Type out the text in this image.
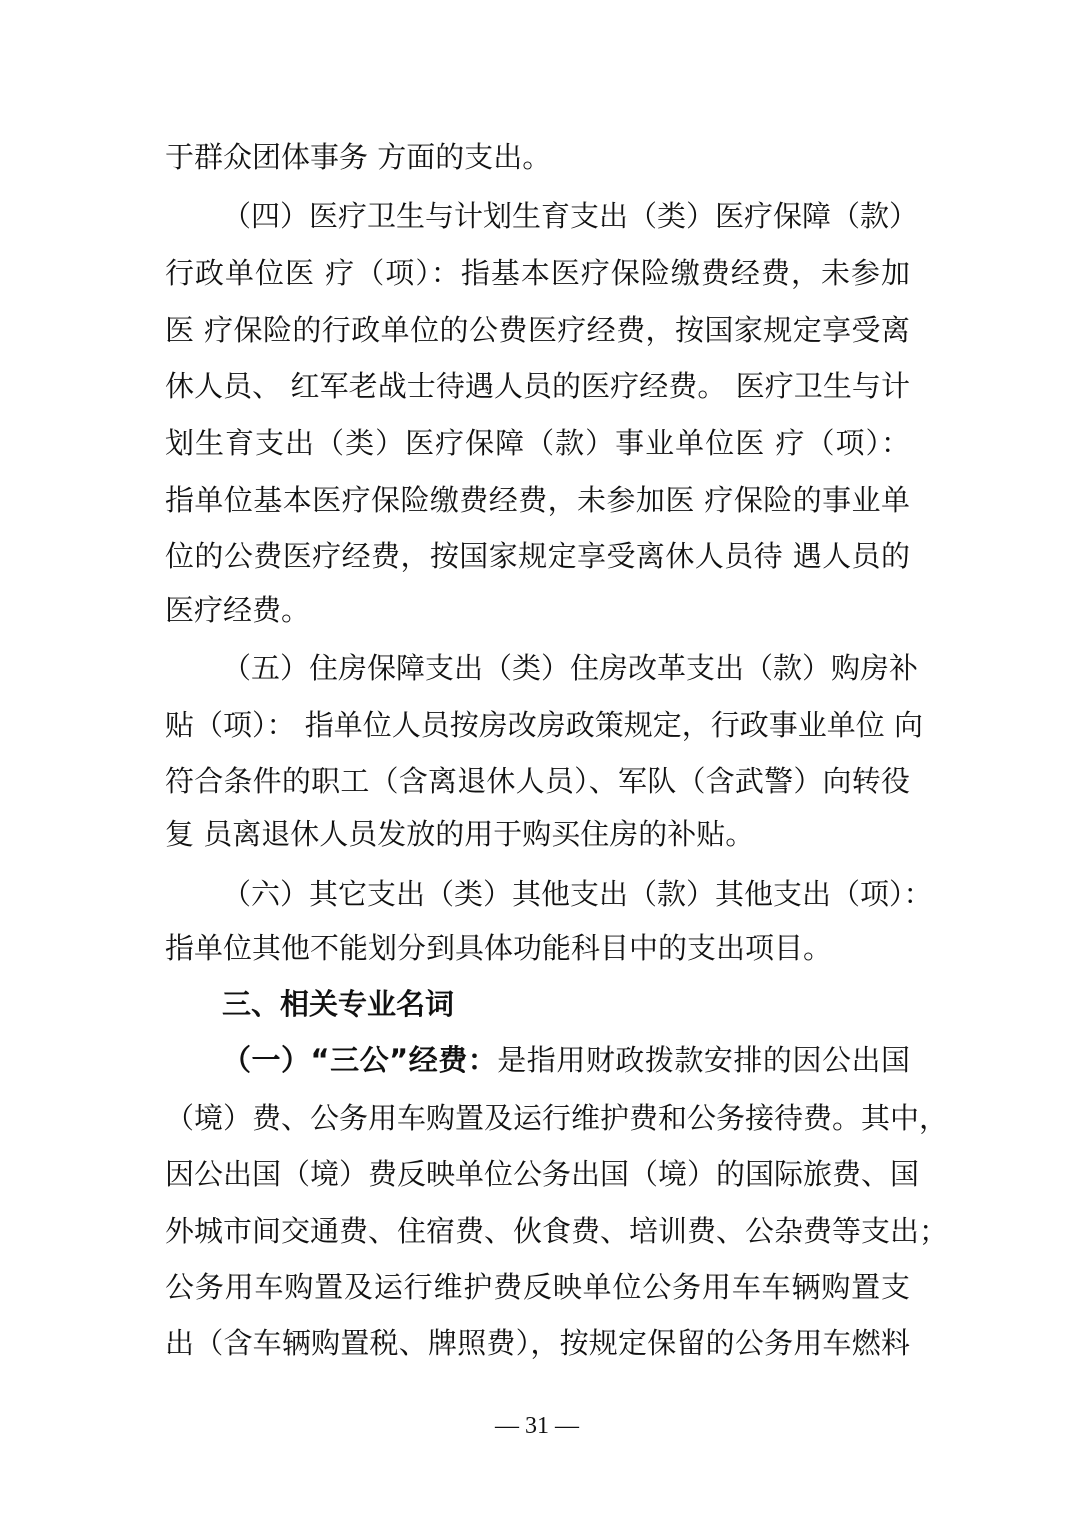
于群众团体事务 方面的支出。
（四）医疗卫生与计划生育支出（类）医疗保障（款）
行政单位医 疗（项）：指基本医疗保险缴费经费，未参加
医 疗保险的行政单位的公费医疗经费，按国家规定享受离
休人员、 红军老战士待遇人员的医疗经费。 医疗卫生与计
划生育支出（类）医疗保障（款）事业单位医 疗（项）：
指单位基本医疗保险缴费经费，未参加医 疗保险的事业单
位的公费医疗经费，按国家规定享受离休人员待 遇人员的
医疗经费。
（五）住房保障支出（类）住房改革支出（款）购房补
贴（项）： 指单位人员按房改房政策规定，行政事业单位 向
符合条件的职工（含离退休人员）、军队（含武警）向转役
复 员离退休人员发放的用于购买住房的补贴。
（六）其它支出（类）其他支出（款）其他支出（项）：
指单位其他不能划分到具体功能科目中的支出项目。
三、相关专业名词
（一）“三公”经费：是指用财政拨款安排的因公出国
（境）费、公务用车购置及运行维护费和公务接待费。其中，
因公出国（境）费反映单位公务出国（境）的国际旅费、国
外城市间交通费、住宿费、伙食费、培训费、公杂费等支出；
公务用车购置及运行维护费反映单位公务用车车辆购置支
出（含车辆购置税、牌照费），按规定保留的公务用车燃料
— 31 —
